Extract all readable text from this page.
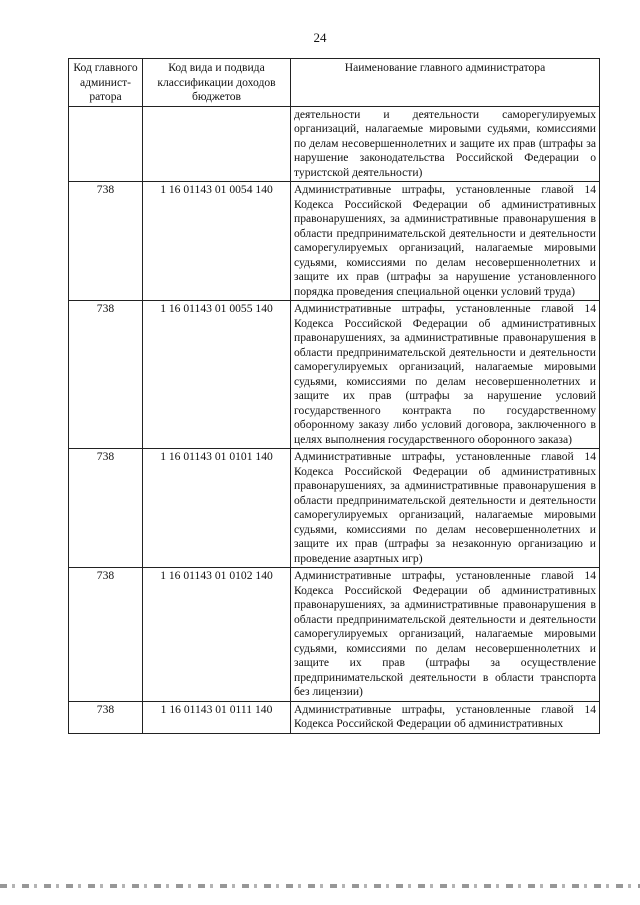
24
Код главного админист-ратора	Код вида и подвида классификации доходов бюджетов	Наименование главного администратора
		деятельности и деятельности саморегулируемых организаций, налагаемые мировыми судьями, комиссиями по делам несовершеннолетних и защите их прав (штрафы за нарушение законодательства Российской Федерации о туристской деятельности)
738	1 16 01143 01 0054 140	Административные штрафы, установленные главой 14 Кодекса Российской Федерации об административных правонарушениях, за административные правонарушения в области предпринимательской деятельности и деятельности саморегулируемых организаций, налагаемые мировыми судьями, комиссиями по делам несовершеннолетних и защите их прав (штрафы за нарушение установленного порядка проведения специальной оценки условий труда)
738	1 16 01143 01 0055 140	Административные штрафы, установленные главой 14 Кодекса Российской Федерации об административных правонарушениях, за административные правонарушения в области предпринимательской деятельности и деятельности саморегулируемых организаций, налагаемые мировыми судьями, комиссиями по делам несовершеннолетних и защите их прав (штрафы за нарушение условий государственного контракта по государственному оборонному заказу либо условий договора, заключенного в целях выполнения государственного оборонного заказа)
738	1 16 01143 01 0101 140	Административные штрафы, установленные главой 14 Кодекса Российской Федерации об административных правонарушениях, за административные правонарушения в области предпринимательской деятельности и деятельности саморегулируемых организаций, налагаемые мировыми судьями, комиссиями по делам несовершеннолетних и защите их прав (штрафы за незаконную организацию и проведение азартных игр)
738	1 16 01143 01 0102 140	Административные штрафы, установленные главой 14 Кодекса Российской Федерации об административных правонарушениях, за административные правонарушения в области предпринимательской деятельности и деятельности саморегулируемых организаций, налагаемые мировыми судьями, комиссиями по делам несовершеннолетних и защите их прав (штрафы за осуществление предпринимательской деятельности в области транспорта без лицензии)
738	1 16 01143 01 0111 140	Административные штрафы, установленные главой 14 Кодекса Российской Федерации об административных
